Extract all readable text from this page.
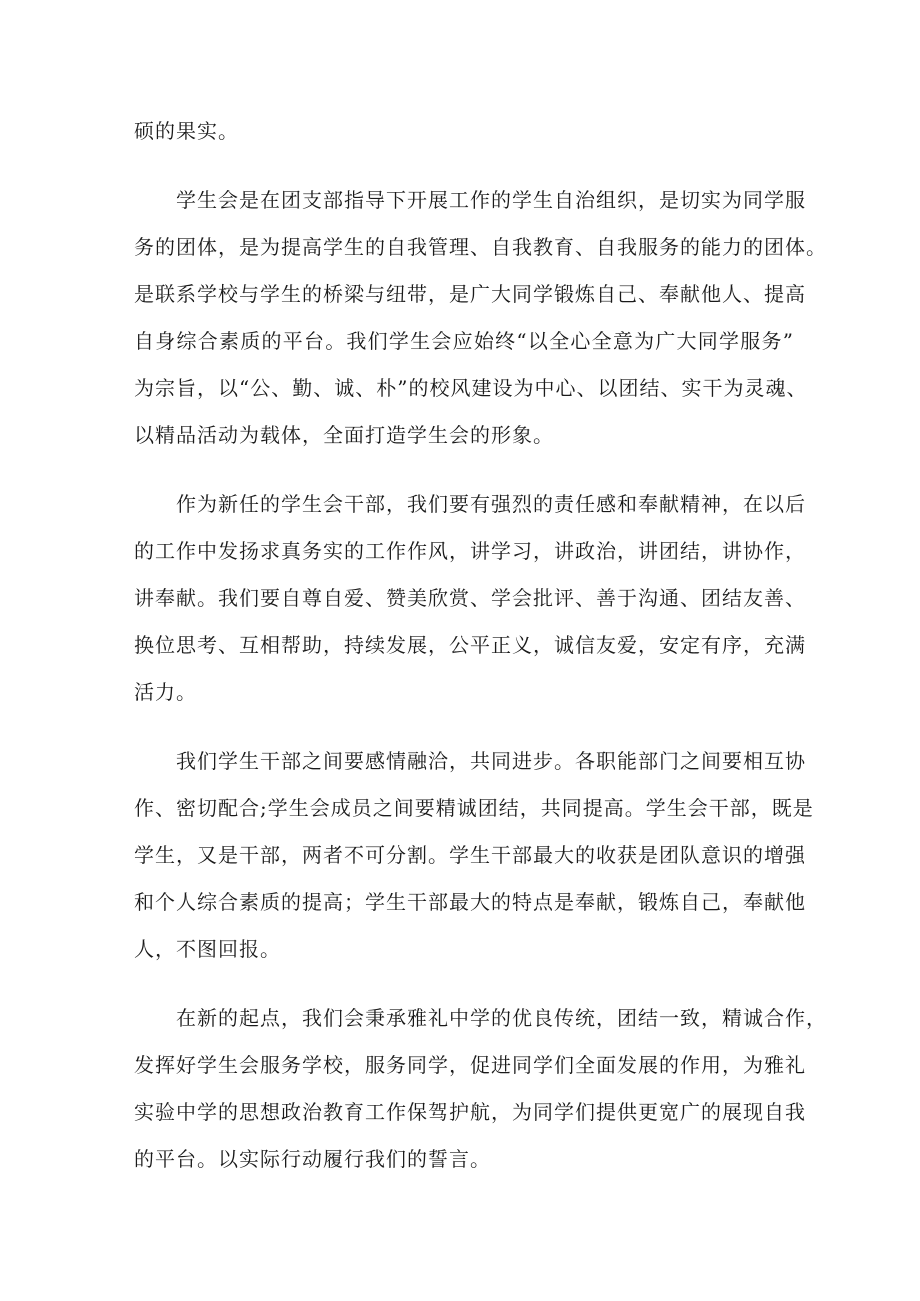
硕的果实。
学生会是在团支部指导下开展工作的学生自治组织，是切实为同学服
务的团体，是为提高学生的自我管理、自我教育、自我服务的能力的团体。
是联系学校与学生的桥梁与纽带，是广大同学锻炼自己、奉献他人、提高
自身综合素质的平台。我们学生会应始终“以全心全意为广大同学服务”
为宗旨，以“公、勤、诚、朴”的校风建设为中心、以团结、实干为灵魂、
以精品活动为载体，全面打造学生会的形象。
作为新任的学生会干部，我们要有强烈的责任感和奉献精神，在以后
的工作中发扬求真务实的工作作风，讲学习，讲政治，讲团结，讲协作，
讲奉献。我们要自尊自爱、赞美欣赏、学会批评、善于沟通、团结友善、
换位思考、互相帮助，持续发展，公平正义，诚信友爱，安定有序，充满
活力。
我们学生干部之间要感情融洽，共同进步。各职能部门之间要相互协
作、密切配合;学生会成员之间要精诚团结，共同提高。学生会干部，既是
学生，又是干部，两者不可分割。学生干部最大的收获是团队意识的增强
和个人综合素质的提高；学生干部最大的特点是奉献，锻炼自己，奉献他
人，不图回报。
在新的起点，我们会秉承雅礼中学的优良传统，团结一致，精诚合作，
发挥好学生会服务学校，服务同学，促进同学们全面发展的作用，为雅礼
实验中学的思想政治教育工作保驾护航，为同学们提供更宽广的展现自我
的平台。以实际行动履行我们的誓言。
